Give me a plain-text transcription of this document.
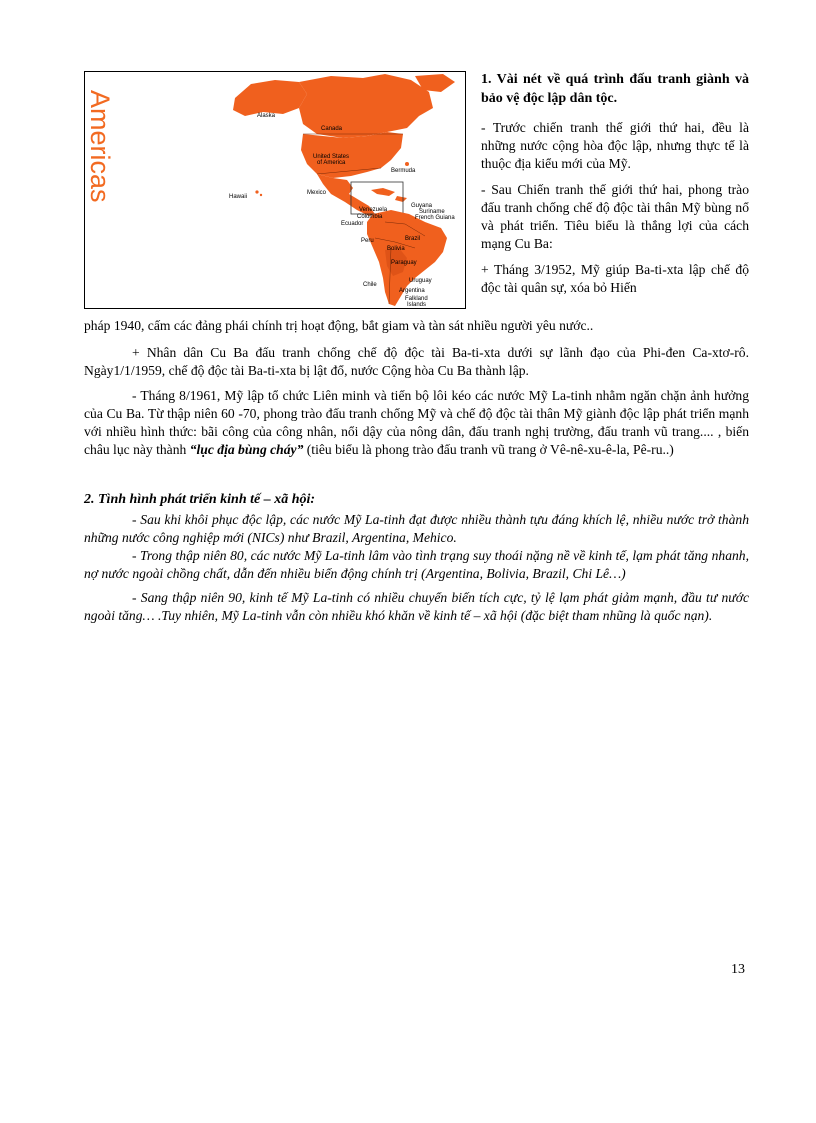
Americas	Alaska
Canada
United States
of America
Bermuda
Hawaii
Mexico
Guyana
Venezuela	Suriname
Colombia	French Guiana
Ecuador
Peru	Brazil
Bolivia
Paraguay
Chile
Uruguay
Argentina
Falkland
Islands

1. Vài nét về quá trình đấu tranh giành và bảo vệ độc lập dân tộc.

- Trước chiến tranh thế giới thứ hai, đều là những nước cộng hòa độc lập, nhưng thực tế là thuộc địa kiểu mới của Mỹ.

- Sau Chiến tranh thế giới thứ hai, phong trào đấu tranh chống chế độ độc tài thân Mỹ bùng nổ và phát triển. Tiêu biểu là thắng lợi của cách mạng Cu Ba:

+ Tháng 3/1952, Mỹ giúp Ba-ti-xta lập chế độ độc tài quân sự, xóa bỏ Hiến

pháp 1940, cấm các đảng phái chính trị hoạt động, bắt giam và tàn sát nhiều người yêu nước..

+ Nhân dân Cu Ba đấu tranh chống chế độ độc tài Ba-ti-xta dưới sự lãnh đạo của Phi-đen Ca-xtơ-rô. Ngày1/1/1959, chế độ độc tài Ba-ti-xta bị lật đổ, nước Cộng hòa Cu Ba thành lập.

- Tháng 8/1961, Mỹ lập tổ chức Liên minh và tiến bộ lôi kéo các nước Mỹ La-tinh nhằm ngăn chặn ảnh hưởng của Cu Ba. Từ thập niên 60 -70, phong trào đấu tranh chống Mỹ và chế độ độc tài thân Mỹ giành độc lập phát triển mạnh với nhiều hình thức: bãi công của công nhân, nổi dậy của nông dân, đấu tranh nghị trường, đấu tranh vũ trang.... , biến châu lục này thành “lục địa bùng cháy” (tiêu biểu là phong trào đấu tranh vũ trang ở Vê-nê-xu-ê-la, Pê-ru..)

2. Tình hình phát triển kinh tế – xã hội:

- Sau khi khôi phục độc lập, các nước Mỹ La-tinh đạt được nhiều thành tựu đáng khích lệ, nhiều nước trở thành những nước công nghiệp mới (NICs) như Brazil, Argentina, Mehico.

- Trong thập niên 80, các nước Mỹ La-tinh lâm vào tình trạng suy thoái nặng nề về kinh tế, lạm phát tăng nhanh, nợ nước ngoài chồng chất, dẫn đến nhiều biến động chính trị (Argentina, Bolivia, Brazil, Chi Lê…)

- Sang thập niên 90, kinh tế Mỹ La-tinh có nhiều chuyển biến tích cực, tỷ lệ lạm phát giảm mạnh, đầu tư nước ngoài tăng… .Tuy nhiên, Mỹ La-tinh vẫn còn nhiều khó khăn về kinh tế – xã hội (đặc biệt tham nhũng là quốc nạn).

13
